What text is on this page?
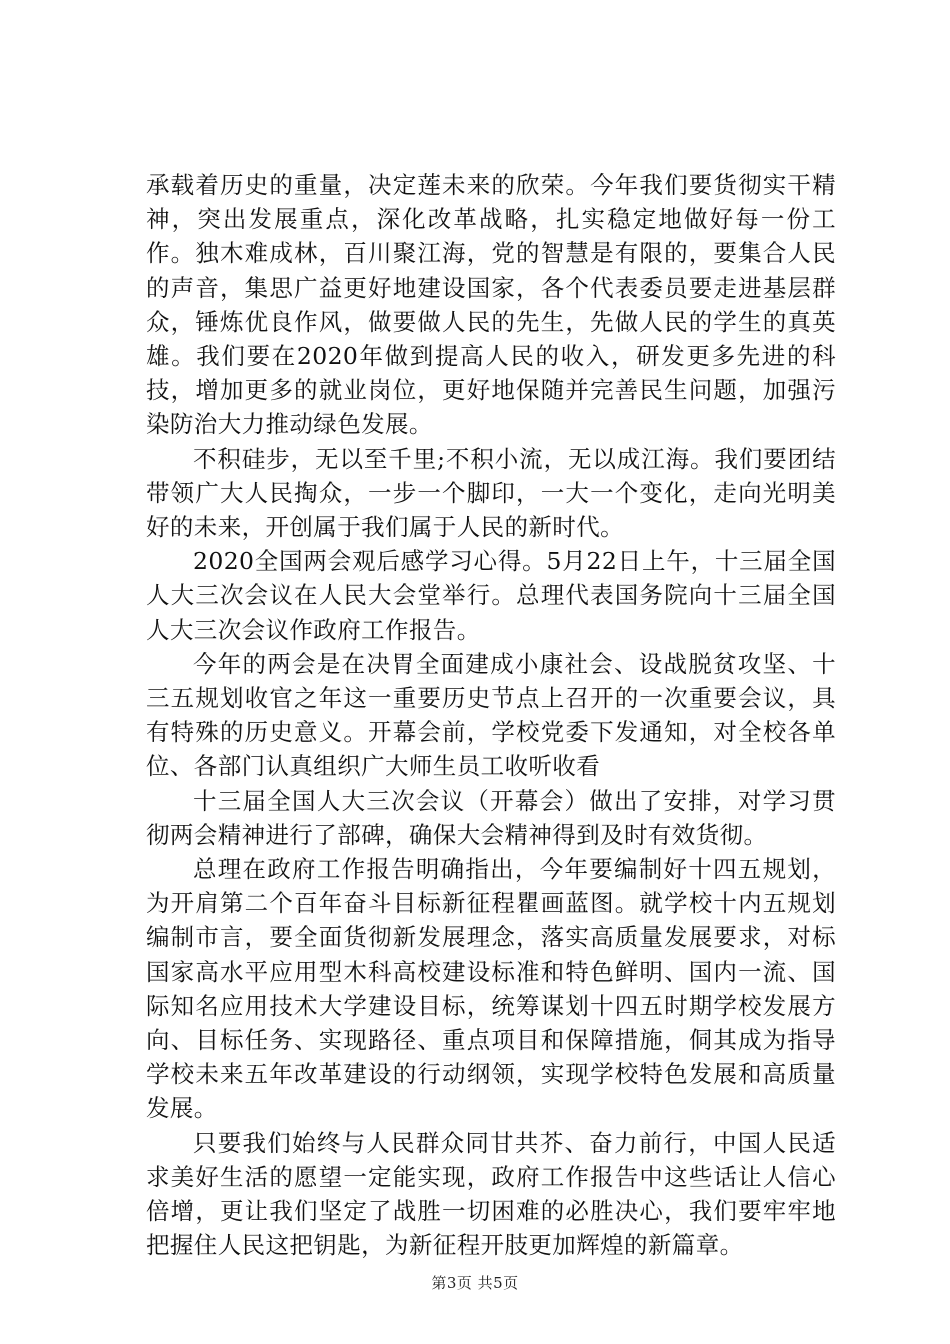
承载着历史的重量，决定莲未来的欣荣。今年我们要货彻实干精神，突出发展重点，深化改革战略，扎实稳定地做好每一份工作。独木难成林，百川聚江海，党的智慧是有限的，要集合人民的声音，集思广益更好地建设国家，各个代表委员要走进基层群众，锤炼优良作风，做要做人民的先生，先做人民的学生的真英雄。我们要在2020年做到提高人民的收入，研发更多先进的科技，增加更多的就业岗位，更好地保随并完善民生问题，加强污染防治大力推动绿色发展。

不积硅步，无以至千里;不积小流，无以成江海。我们要团结带领广大人民掏众，一步一个脚印，一大一个变化，走向光明美好的未来，开创属于我们属于人民的新时代。

2020全国两会观后感学习心得。5月22日上午，十三届全国人大三次会议在人民大会堂举行。总理代表国务院向十三届全国人大三次会议作政府工作报告。

今年的两会是在决胃全面建成小康社会、设战脱贫攻坚、十三五规划收官之年这一重要历史节点上召开的一次重要会议，具有特殊的历史意义。开幕会前，学校党委下发通知，对全校各单位、各部门认真组织广大师生员工收听收看

十三届全国人大三次会议（开幕会）做出了安排，对学习贯彻两会精神进行了部碑，确保大会精神得到及时有效货彻。

总理在政府工作报告明确指出，今年要编制好十四五规划，为开肩第二个百年奋斗目标新征程瞿画蓝图。就学校十内五规划编制市言，要全面货彻新发展理念，落实高质量发展要求，对标国家高水平应用型木科高校建设标准和特色鲜明、国内一流、国际知名应用技术大学建设目标，统筹谋划十四五时期学校发展方向、目标任务、实现路径、重点项目和保障措施，侗其成为指导学校未来五年改革建设的行动纲领，实现学校特色发展和高质量发展。

只要我们始终与人民群众同甘共芥、奋力前行，中国人民适求美好生活的愿望一定能实现，政府工作报告中这些话让人信心倍增，更让我们坚定了战胜一切困难的必胜决心，我们要牢牢地把握住人民这把钥匙，为新征程开肢更加辉煌的新篇章。

第3页 共5页
